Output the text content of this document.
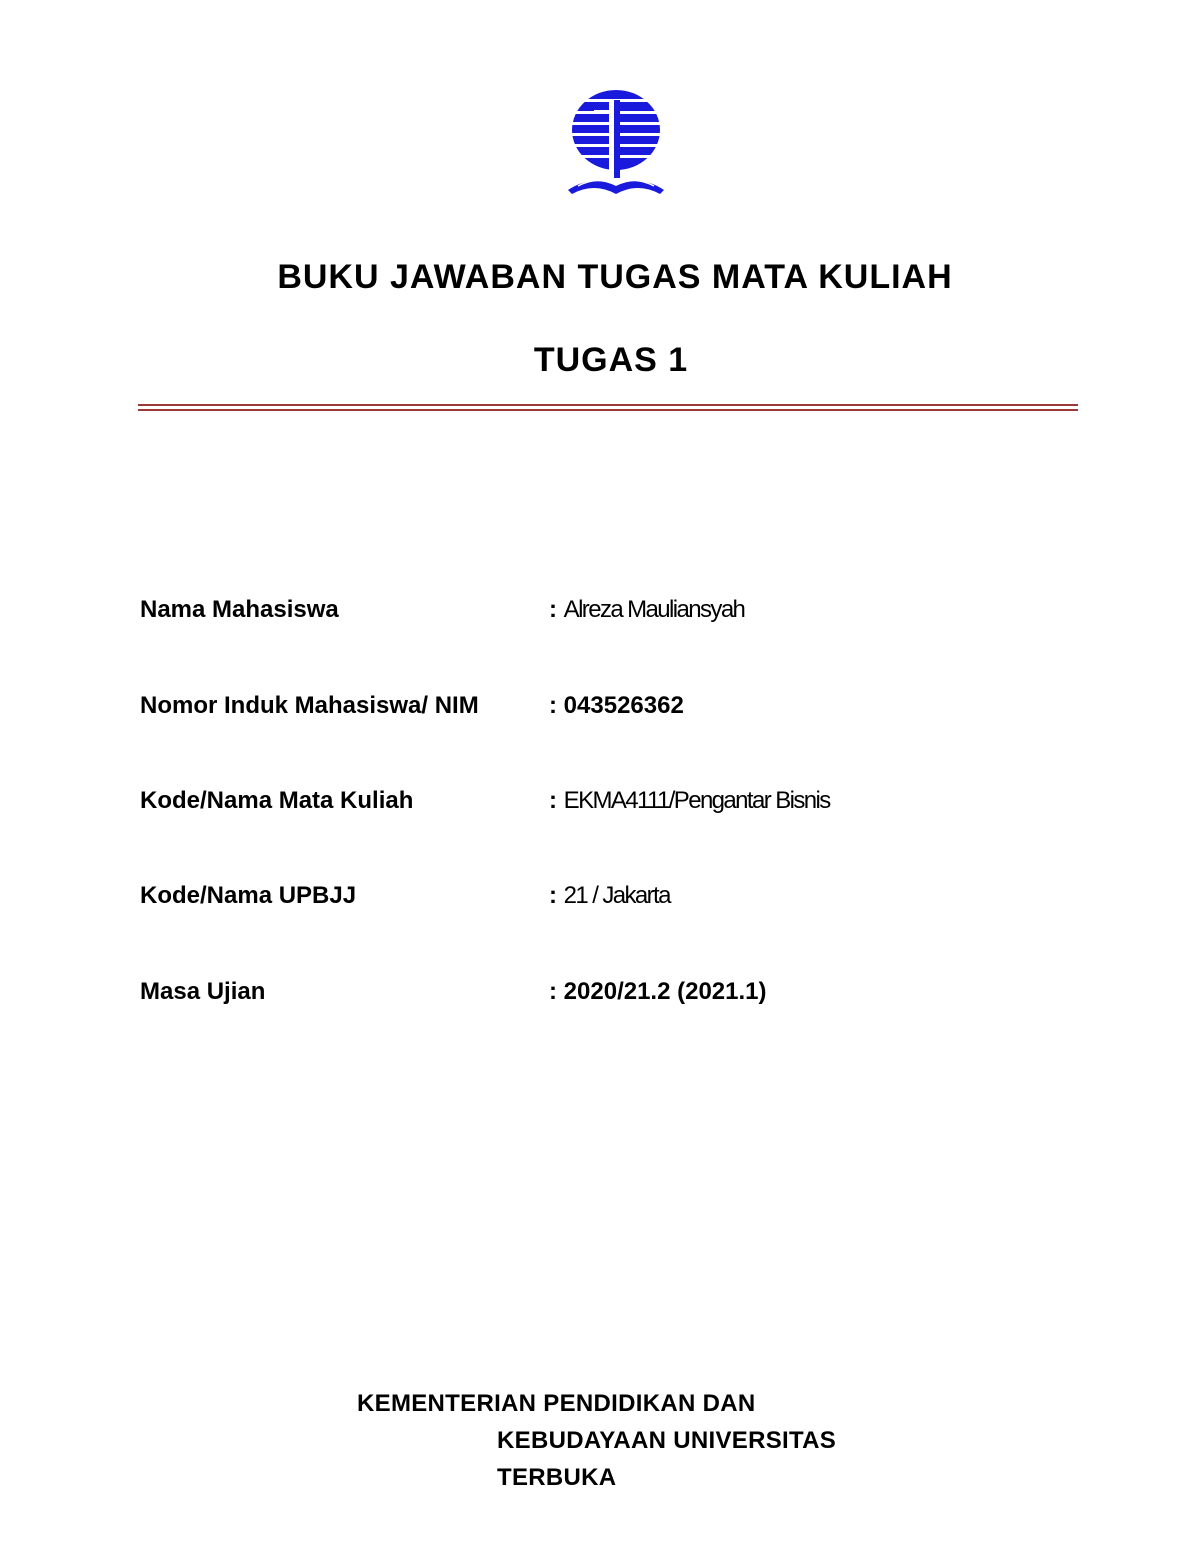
BUKU JAWABAN TUGAS MATA KULIAH
TUGAS 1
Nama Mahasiswa	: Alreza Mauliansyah
Nomor Induk Mahasiswa/ NIM	: 043526362
Kode/Nama Mata Kuliah	: EKMA4111/Pengantar Bisnis
Kode/Nama UPBJJ	: 21 / Jakarta
Masa Ujian	: 2020/21.2 (2021.1)
KEMENTERIAN PENDIDIKAN DAN
KEBUDAYAAN UNIVERSITAS
TERBUKA
